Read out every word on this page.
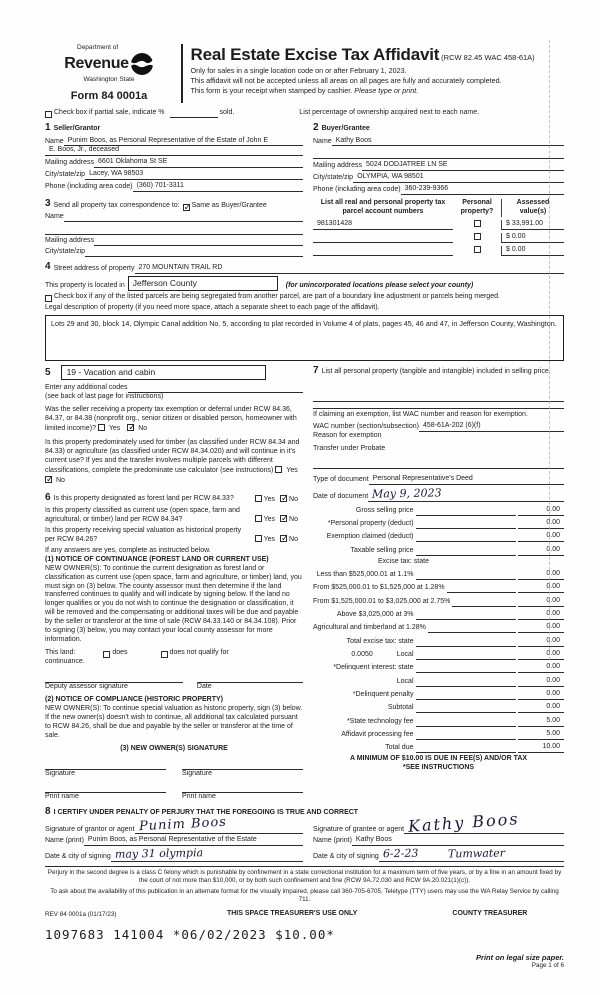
Department of
Revenue
Washington State
Form 84 0001a
Real Estate Excise Tax Affidavit (RCW 82.45 WAC 458-61A)
Only for sales in a single location code on or after February 1, 2023.
This affidavit will not be accepted unless all areas on all pages are fully and accurately completed.
This form is your receipt when stamped by cashier. Please type or print.
Check box if partial sale, indicate %	sold.	List percentage of ownership acquired next to each name.
1 Seller/Grantor
Name Punim Boos, as Personal Representative of the Estate of John E
E. Boos, Jr., deceased
Mailing address 6601 Oklahoma St SE
City/state/zip Lacey, WA 98503
Phone (including area code) (360) 701-3311
3 Send all property tax correspondence to: ✓ Same as Buyer/Grantee
Name
Mailing address
City/state/zip
2 Buyer/Grantee
Name Kathy Boos
Mailing address 5024 DODJATREE LN SE
City/state/zip OLYMPIA, WA 98501
Phone (including area code) 360-239-9366
List all real and personal property tax
parcel account numbers
Personal
property?
Assessed
value(s)
981301428	$ 33,991.00
$ 0.00
$ 0.00
4 Street address of property 270 MOUNTAIN TRAIL RD
This property is located in Jefferson County	(for unincorporated locations please select your county)
Check box if any of the listed parcels are being segregated from another parcel, are part of a boundary line adjustment or parcels being merged.
Legal description of property (if you need more space, attach a separate sheet to each page of the affidavit).
Lots 29 and 30, block 14, Olympic Canal addition No. 5, according to plat recorded in Volume 4 of plats, pages 45, 46 and 47, in Jefferson County, Washington.
5	19 - Vacation and cabin
Enter any additional codes
(see back of last page for instructions)
Was the seller receiving a property tax exemption or deferral under RCW 84.36, 84.37, or 84.38 (nonprofit org., senior citizen or disabled person, homeowner with limited income)? Yes ✓	No
Is this property predominately used for timber (as classified under RCW 84.34 and 84.33) or agriculture (as classified under RCW 84.34.020) and will continue in it's current use? If yes and the transfer involves multiple parcels with different classifications, complete the predominate use calculator (see instructions) Yes ✓ No
6 Is this property designated as forest land per RCW 84.33?	Yes ✓ No
Is this property classified as current use (open space, farm and agricultural, or timber) land per RCW 84.34?	Yes ✓ No
Is this property receiving special valuation as historical property per RCW 84.26?	Yes ✓ No
If any answers are yes, complete as instructed below.
(1) NOTICE OF CONTINUANCE (FOREST LAND OR CURRENT USE)
NEW OWNER(S): To continue the current designation as forest land or classification as current use (open space, farm and agriculture, or timber) land, you must sign on (3) below. The county assessor must then determine if the land transferred continues to qualify and will indicate by signing below. If the land no longer qualifies or you do not wish to continue the designation or classification, it will be removed and the compensating or additional taxes will be due and payable by the seller or transferor at the time of sale (RCW 84.33.140 or 84.34.108). Prior to signing (3) below, you may contact your local county assessor for more information.
This land:	does	does not qualify for
continuance.
Deputy assessor signature	Date
(2) NOTICE OF COMPLIANCE (HISTORIC PROPERTY)
NEW OWNER(S): To continue special valuation as historic property, sign (3) below. If the new owner(s) doesn't wish to continue, all additional tax calculated pursuant to RCW 84.26, shall be due and payable by the seller or transferor at the time of sale.
(3) NEW OWNER(S) SIGNATURE
Signature	Signature
Print name	Print name
7 List all personal property (tangible and intangible) included in selling price.
If claiming an exemption, list WAC number and reason for exemption.
WAC number (section/subsection) 458-61A-202 (6)(f)
Reason for exemption
Transfer under Probate
Type of document Personal Representative's Deed
Date of document May 9, 2023
Gross selling price	0.00
*Personal property (deduct)	0.00
Exemption claimed (deduct)	0.00
Taxable selling price	0.00
Excise tax: state
Less than $525,000.01 at 1.1%	0.00
From $525,000.01 to $1,525,000 at 1.28%	0.00
From $1,525,000.01 to $3,025,000 at 2.75%	0.00
Above $3,025,000 at 3%	0.00
Agricultural and timberland at 1.28%	0.00
Total excise tax: state	0.00
0.0050	Local	0.00
*Delinquent interest: state	0.00
Local	0.00
*Delinquent penalty	0.00
Subtotal	0.00
*State technology fee	5.00
Affidavit processing fee	5.00
Total due	10.00
A MINIMUM OF $10.00 IS DUE IN FEE(S) AND/OR TAX
*SEE INSTRUCTIONS
8 I CERTIFY UNDER PENALTY OF PERJURY THAT THE FOREGOING IS TRUE AND CORRECT
Signature of grantor or agent Punim Boos
Name (print) Punim Boos, as Personal Representative of the Estate
Date & city of signing may 31 olympia
Signature of grantee or agent Kathy Boos
Name (print) Kathy Boos
Date & city of signing 6-2-23	Tumwater
Perjury in the second degree is a class C felony which is punishable by confinement in a state correctional institution for a maximum term of five years, or by a fine in an amount fixed by the court of not more than $10,000, or by both such confinement and fine (RCW 9A.72.030 and RCW 9A.20.021(1)(c)).
To ask about the availability of this publication in an alternate format for the visually impaired, please call 360-705-6705. Teletype (TTY) users may use the WA Relay Service by calling 711.
REV 84 0001a (01/17/23)	THIS SPACE TREASURER'S USE ONLY	COUNTY TREASURER
1097683 141004 *06/02/2023 $10.00*
Print on legal size paper.
Page 1 of 6
